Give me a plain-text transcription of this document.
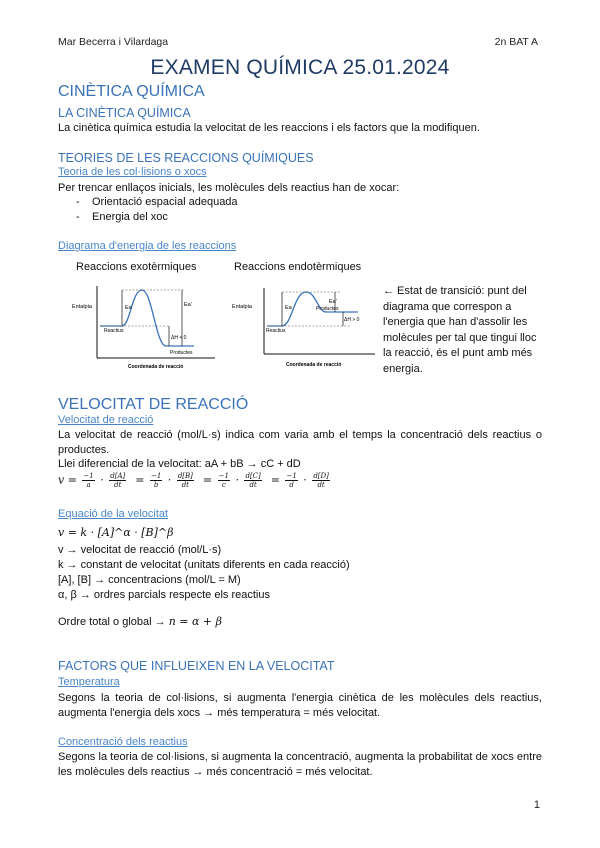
Mar Becerra i Vilardaga	2n BAT A
EXAMEN QUÍMICA 25.01.2024
CINÈTICA QUÍMICA
LA CINÈTICA QUÍMICA
La cinètica química estudia la velocitat de les reaccions i els factors que la modifiquen.
TEORIES DE LES REACCIONS QUÍMIQUES
Teoria de les col·lisions o xocs
Per trencar enllaços inicials, les molècules dels reactius han de xocar:
- Orientació espacial adequada
- Energia del xoc
Diagrama d'energia de les reaccions
Reaccions exotèrmiques	Reaccions endotèrmiques
Entalpia	Ea	Ea'
Reactius
ΔH < 0
Productes
Coordenada de reacció
Entalpia	Ea
Ea'
Reactius
ΔH > 0
Productes
Coordenada de reacció
← Estat de transició: punt del diagrama que correspon a l'energia que han d'assolir les molècules per tal que tingui lloc la reacció, és el punt amb més energia.
VELOCITAT DE REACCIÓ
Velocitat de reacció
La velocitat de reacció (mol/L·s) indica com varia amb el temps la concentració dels reactius o productes.
Llei diferencial de la velocitat: aA + bB → cC + dD
$v = \frac{-1}{a} \cdot \frac{d[A]}{dt} = \frac{-1}{b} \cdot \frac{d[B]}{dt} = \frac{-1}{c} \cdot \frac{d[C]}{dt} = \frac{-1}{d} \cdot \frac{d[D]}{dt}$
Equació de la velocitat
v = k · [A]^α · [B]^β
v → velocitat de reacció (mol/L·s)
k → constant de velocitat (unitats diferents en cada reacció)
[A], [B] → concentracions (mol/L = M)
α, β → ordres parcials respecte els reactius
Ordre total o global → n = α + β
FACTORS QUE INFLUEIXEN EN LA VELOCITAT
Temperatura
Segons la teoria de col·lisions, si augmenta l'energia cinètica de les molècules dels reactius, augmenta l'energia dels xocs → més temperatura = més velocitat.
Concentració dels reactius
Segons la teoria de col·lisions, si augmenta la concentració, augmenta la probabilitat de xocs entre les molècules dels reactius → més concentració = més velocitat.
1
